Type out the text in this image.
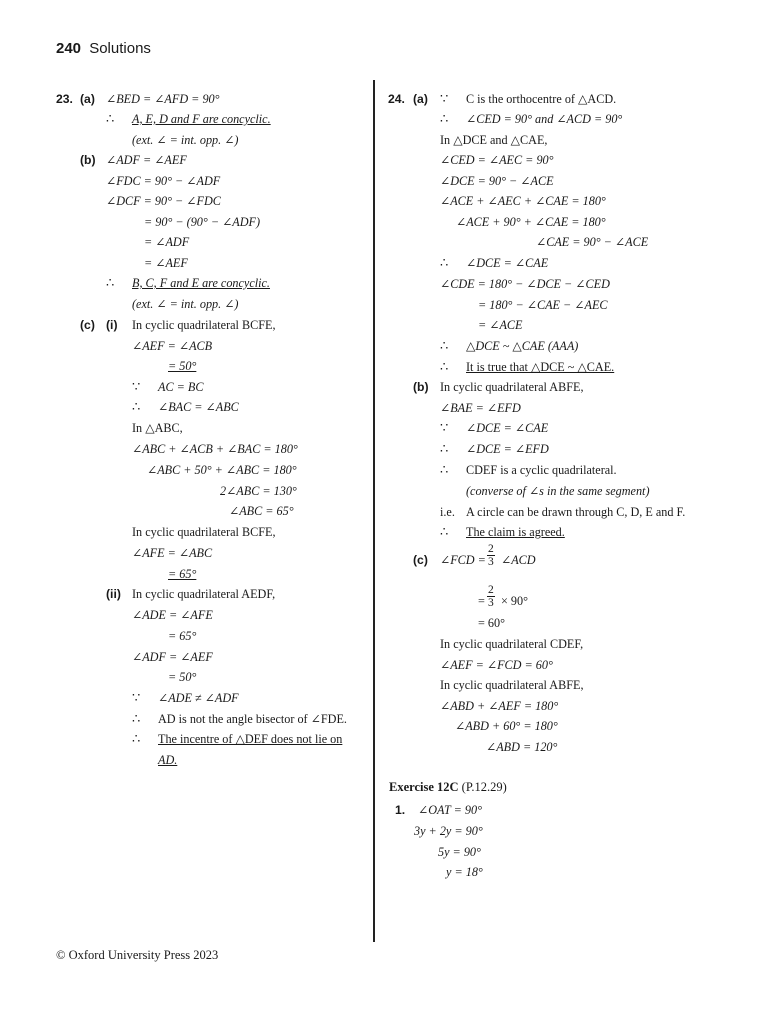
240 Solutions
23. (a) ∠BED = ∠AFD = 90°
∴ A, E, D and F are concyclic.
(ext. ∠ = int. opp. ∠)
(b) ∠ADF = ∠AEF
∠FDC = 90° − ∠ADF
∠DCF = 90° − ∠FDC
= 90° − (90° − ∠ADF)
= ∠ADF
= ∠AEF
∴ B, C, F and E are concyclic.
(ext. ∠ = int. opp. ∠)
(c) (i) In cyclic quadrilateral BCFE,
∠AEF = ∠ACB
= 50°
∵ AC = BC
∴ ∠BAC = ∠ABC
In △ABC,
∠ABC + ∠ACB + ∠BAC = 180°
∠ABC + 50° + ∠ABC = 180°
2∠ABC = 130°
∠ABC = 65°
In cyclic quadrilateral BCFE,
∠AFE = ∠ABC
= 65°
(ii) In cyclic quadrilateral AEDF,
∠ADE = ∠AFE
= 65°
∠ADF = ∠AEF
= 50°
∵ ∠ADE ≠ ∠ADF
∴ AD is not the angle bisector of ∠FDE.
∴ The incentre of △DEF does not lie on
AD.
24. (a) ∵ C is the orthocentre of △ACD.
∴ ∠CED = 90° and ∠ACD = 90°
In △DCE and △CAE,
∠CED = ∠AEC = 90°
∠DCE = 90° − ∠ACE
∠ACE + ∠AEC + ∠CAE = 180°
∠ACE + 90° + ∠CAE = 180°
∠CAE = 90° − ∠ACE
∴ ∠DCE = ∠CAE
∠CDE = 180° − ∠DCE − ∠CED
= 180° − ∠CAE − ∠AEC
= ∠ACE
∴ △DCE ~ △CAE (AAA)
∴ It is true that △DCE ~ △CAE.
(b) In cyclic quadrilateral ABFE,
∠BAE = ∠EFD
∵ ∠DCE = ∠CAE
∴ ∠DCE = ∠EFD
∴ CDEF is a cyclic quadrilateral.
(converse of ∠s in the same segment)
i.e. A circle can be drawn through C, D, E and F.
∴ The claim is agreed.
(c) ∠FCD = $\frac{2}{3}$ ∠ACD
= $\frac{2}{3} \times 90^\circ$
= 60°
In cyclic quadrilateral CDEF,
∠AEF = ∠FCD = 60°
In cyclic quadrilateral ABFE,
∠ABD + ∠AEF = 180°
∠ABD + 60° = 180°
∠ABD = 120°
Exercise 12C (P.12.29)
1. ∠OAT = 90°
3y + 2y = 90°
5y = 90°
y = 18°
© Oxford University Press 2023
